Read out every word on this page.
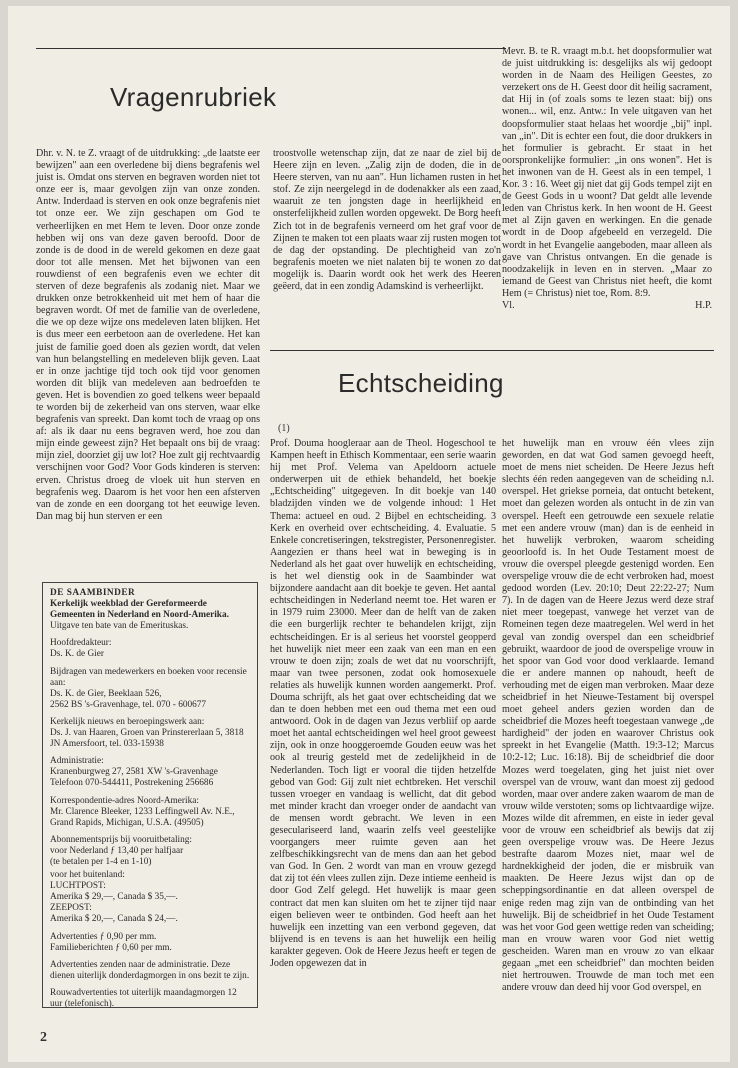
Vragenrubriek

Dhr. v. N. te Z. vraagt of de uitdrukking: „de laatste eer bewijzen" aan een overledene bij diens begrafenis wel juist is. Omdat ons sterven en begraven worden niet tot onze eer is, maar gevolgen zijn van onze zonden. Antw. Inderdaad is sterven en ook onze begrafenis niet tot onze eer. We zijn geschapen om God te verheerlijken en met Hem te leven. Door onze zonde hebben wij ons van deze gaven beroofd. Door de zonde is de dood in de wereld gekomen en deze gaat door tot alle mensen. Met het bijwonen van een rouwdienst of een begrafenis even we echter dit sterven of deze begrafenis als zodanig niet. Maar we drukken onze betrokkenheid uit met hem of haar die begraven wordt. Of met de familie van de overledene, die we op deze wijze ons medeleven laten blijken. Het is dus meer een eerbetoon aan de overledene. Het kan juist de familie goed doen als gezien wordt, dat velen van hun belangstelling en medeleven blijk geven. Laat er in onze jachtige tijd toch ook tijd voor genomen worden dit blijk van medeleven aan bedroefden te geven. Het is bovendien zo goed telkens weer bepaald te worden bij de zekerheid van ons sterven, waar elke begrafenis van spreekt. Dan komt toch de vraag op ons af: als ik daar nu eens begraven werd, hoe zou dan mijn einde geweest zijn? Het bepaalt ons bij de vraag: mijn ziel, doorziet gij uw lot? Hoe zult gij rechtvaardig verschijnen voor God? Voor Gods kinderen is sterven: erven. Christus droeg de vloek uit hun sterven en begrafenis weg. Daarom is het voor hen een afsterven van de zonde en een doorgang tot het eeuwige leven. Dan mag bij hun sterven er een

troostvolle wetenschap zijn, dat ze naar de ziel bij de Heere zijn en leven. „Zalig zijn de doden, die in de Heere sterven, van nu aan". Hun lichamen rusten in het stof. Ze zijn neergelegd in de dodenakker als een zaad, waaruit ze ten jongsten dage in heerlijkheid en onsterfelijkheid zullen worden opgewekt. De Borg heeft Zich tot in de begrafenis verneerd om het graf voor de Zijnen te maken tot een plaats waar zij rusten mogen tot de dag der opstanding. De plechtigheid van zo'n begrafenis moeten we niet nalaten bij te wonen zo dat mogelijk is. Daarin wordt ook het werk des Heeren geëerd, dat in een zondig Adamskind is verheerlijkt.

Mevr. B. te R. vraagt m.b.t. het doopsformulier wat de juist uitdrukking is: desgelijks als wij gedoopt worden in de Naam des Heiligen Geestes, zo verzekert ons de H. Geest door dit heilig sacrament, dat Hij in (of zoals soms te lezen staat: bij) ons wonen... wil, enz. Antw.: In vele uitgaven van het doopsformulier staat helaas het woordje „bij" inpl. van „in". Dit is echter een fout, die door drukkers in het formulier is gebracht. Er staat in het oorspronkelijke formulier: „in ons wonen". Het is het inwonen van de H. Geest als in een tempel, 1 Kor. 3 : 16. Weet gij niet dat gij Gods tempel zijt en de Geest Gods in u woont? Dat geldt alle levende leden van Christus kerk. In hen woont de H. Geest met al Zijn gaven en werkingen. En die genade wordt in de Doop afgebeeld en verzegeld. Die wordt in het Evangelie aangeboden, maar alleen als gave van Christus ontvangen. En die genade is noodzakelijk in leven en in sterven. „Maar zo iemand de Geest van Christus niet heeft, die komt Hem (= Christus) niet toe, Rom. 8:9.

Vl.	H.P.
Echtscheiding
(1)

Prof. Douma hoogleraar aan de Theol. Hogeschool te Kampen heeft in Ethisch Kommentaar, een serie waarin hij met Prof. Velema van Apeldoorn actuele onderwerpen uit de ethiek behandeld, het boekje „Echtscheiding" uitgegeven. In dit boekje van 140 bladzijden vinden we de volgende inhoud: 1 Het Thema: actueel en oud. 2 Bijbel en echtscheiding. 3 Kerk en overheid over echtscheiding. 4. Evaluatie. 5 Enkele concretiseringen, tekstregister, Personenregister. Aangezien er thans heel wat in beweging is in Nederland als het gaat over huwelijk en echtscheiding, is het wel dienstig ook in de Saambinder wat bijzondere aandacht aan dit boekje te geven. Het aantal echtscheidingen in Nederland neemt toe. Het waren er in 1979 ruim 23000. Meer dan de helft van de zaken die een burgerlijk rechter te behandelen krijgt, zijn echtscheidingen. Er is al serieus het voorstel geopperd het huwelijk niet meer een zaak van een man en een vrouw te doen zijn; zoals de wet dat nu voorschrijft, maar van twee personen, zodat ook homosexuele relaties als huwelijk kunnen worden aangemerkt. Prof. Douma schrijft, als het gaat over echtscheiding dat we dan te doen hebben met een oud thema met een oud antwoord. Ook in de dagen van Jezus verbliif op aarde moet het aantal echtscheidingen wel heel groot geweest zijn, ook in onze hooggeroemde Gouden eeuw was het ook al treurig gesteld met de zedelijkheid in de Nederlanden. Toch ligt er vooral die tijden hetzelfde gebod van God: Gij zult niet echtbreken. Het verschil tussen vroeger en vandaag is wellicht, dat dit gebod met minder kracht dan vroeger onder de aandacht van de mensen wordt gebracht. We leven in een geseculariseerd land, waarin zelfs veel geestelijke voorgangers meer ruimte geven aan het zelfbeschikkingsrecht van de mens dan aan het gebod van God. In Gen. 2 wordt van man en vrouw gezegd dat zij tot één vlees zullen zijn. Deze intieme eenheid is door God Zelf gelegd. Het huwelijk is maar geen contract dat men kan sluiten om het te zijner tijd naar eigen believen weer te ontbinden. God heeft aan het huwelijk een inzetting van een verbond gegeven, dat blijvend is en tevens is aan het huwelijk een heilig karakter gegeven. Ook de Heere Jezus heeft er tegen de Joden opgewezen dat in

het huwelijk man en vrouw één vlees zijn geworden, en dat wat God samen gevoegd heeft, moet de mens niet scheiden. De Heere Jezus heft slechts één reden aangegeven van de scheiding n.l. overspel. Het griekse porneia, dat ontucht betekent, moet dan gelezen worden als ontucht in de zin van overspel. Heeft een getrouwde een sexuele relatie met een andere vrouw (man) dan is de eenheid in het huwelijk verbroken, waarom scheiding geoorloofd is. In het Oude Testament moest de vrouw die overspel pleegde gestenigd worden. Een overspelige vrouw die de echt verbroken had, moest gedood worden (Lev. 20:10; Deut 22:22-27; Num 7). In de dagen van de Heere Jezus werd deze straf niet meer toegepast, vanwege het verzet van de Romeinen tegen deze maatregelen. Wel werd in het geval van zondig overspel dan een scheidbrief gebruikt, waardoor de jood de overspelige vrouw in het spoor van God voor dood verklaarde. Iemand die er andere mannen op nahoudt, heeft de verhouding met de eigen man verbroken. Maar deze scheidbrief in het Nieuwe-Testament bij overspel moet geheel anders gezien worden dan de scheidbrief die Mozes heeft toegestaan vanwege „de hardigheid" der joden en waarover Christus ook spreekt in het Evangelie (Matth. 19:3-12; Marcus 10:2-12; Luc. 16:18). Bij de scheidbrief die door Mozes werd toegelaten, ging het juist niet over overspel van de vrouw, want dan moest zij gedood worden, maar over andere zaken waarom de man de vrouw wilde verstoten; soms op lichtvaardige wijze. Mozes wilde dit afremmen, en eiste in ieder geval voor de vrouw een scheidbrief als bewijs dat zij geen overspelige vrouw was. De Heere Jezus bestrafte daarom Mozes niet, maar wel de hardnekkigheid der joden, die er misbruik van maakten. De Heere Jezus wijst dan op de scheppingsordinantie en dat alleen overspel de enige reden mag zijn van de ontbinding van het huwelijk. Bij de scheidbrief in het Oude Testament was het voor God geen wettige reden van scheiding; man en vrouw waren voor God niet wettig gescheiden. Waren man en vrouw zo van elkaar gegaan „met een scheidbrief" dan mochten beiden niet hertrouwen. Trouwde de man toch met een andere vrouw dan deed hij voor God overspel, en

DE SAAMBINDER

Kerkelijk weekblad der Gereformeerde Gemeenten in Nederland en Noord-Amerika.

Uitgave ten bate van de Emerituskas.

Hoofdredakteur:
Ds. K. de Gier

Bijdragen van medewerkers en boeken voor recensie aan:
Ds. K. de Gier, Beeklaan 526,
2562 BS 's-Gravenhage, tel. 070 - 600677

Kerkelijk nieuws en beroepingswerk aan:
Ds. J. van Haaren, Groen van Prinstererlaan 5, 3818 JN Amersfoort, tel. 033-15938

Administratie:
Kranenburgweg 27, 2581 XW 's-Gravenhage
Telefoon 070-544411, Postrekening 256686

Korrespondentie-adres Noord-Amerika:
Mr. Clarence Bleeker, 1233 Leffingwell Av. N.E., Grand Rapids, Michigan, U.S.A. (49505)

Abonnementsprijs bij vooruitbetaling:
voor Nederland ƒ 13,40 per halfjaar
(te betalen per 1-4 en 1-10)

voor het buitenland:
LUCHTPOST:
Amerika $ 29,—, Canada $ 35,—.
ZEEPOST:
Amerika $ 20,—, Canada $ 24,—.

Advertenties ƒ 0,90 per mm.
Familieberichten ƒ 0,60 per mm.

Advertenties zenden naar de administratie. Deze dienen uiterlijk donderdagmorgen in ons bezit te zijn.

Rouwadvertenties tot uiterlijk maandagmorgen 12 uur (telefonisch).

2
